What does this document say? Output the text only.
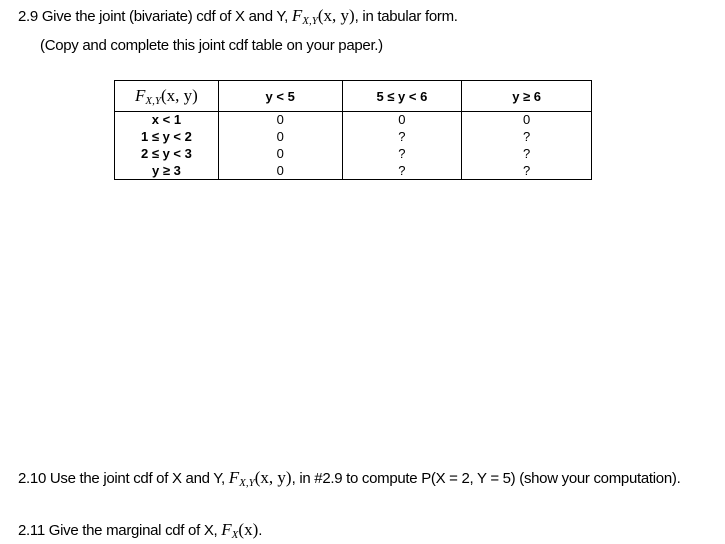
2.9 Give the joint (bivariate) cdf of X and Y, $F_{X,Y}(x$, y), in tabular form.
(Copy and complete this joint cdf table on your paper.)
$F_{X,Y}(x$, y)	y < 5	5 ≤ y < 6	y ≥ 6
x < 1	0	0	0
1 ≤ y < 2	0	?	?
2 ≤ y < 3	0	?	?
y ≥ 3	0	?	?
2.10 Use the joint cdf of X and Y, $F_{X,Y}(x$, y), in #2.9 to compute P(X = 2, Y = 5) (show your computation).
2.11 Give the marginal cdf of X, $F_X(x)$.
